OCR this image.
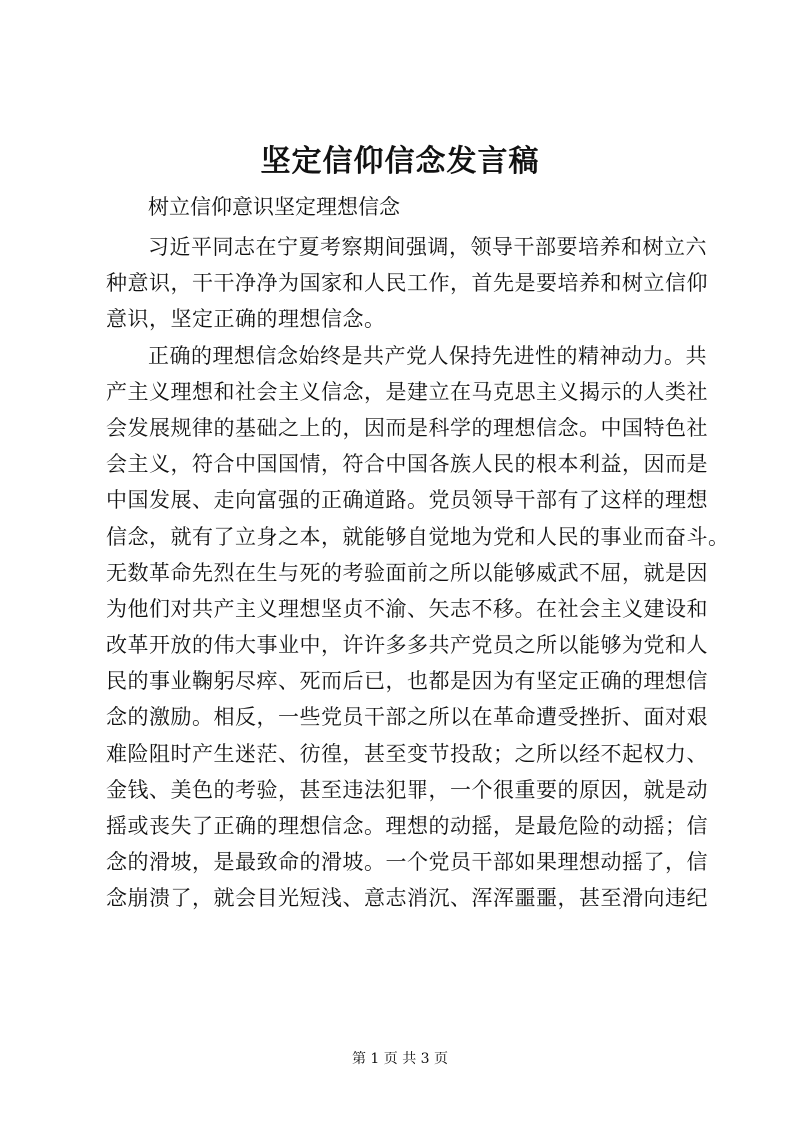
坚定信仰信念发言稿
树立信仰意识坚定理想信念
习近平同志在宁夏考察期间强调，领导干部要培养和树立六
种意识，干干净净为国家和人民工作，首先是要培养和树立信仰
意识，坚定正确的理想信念。
正确的理想信念始终是共产党人保持先进性的精神动力。共
产主义理想和社会主义信念，是建立在马克思主义揭示的人类社
会发展规律的基础之上的，因而是科学的理想信念。中国特色社
会主义，符合中国国情，符合中国各族人民的根本利益，因而是
中国发展、走向富强的正确道路。党员领导干部有了这样的理想
信念，就有了立身之本，就能够自觉地为党和人民的事业而奋斗。
无数革命先烈在生与死的考验面前之所以能够威武不屈，就是因
为他们对共产主义理想坚贞不渝、矢志不移。在社会主义建设和
改革开放的伟大事业中，许许多多共产党员之所以能够为党和人
民的事业鞠躬尽瘁、死而后已，也都是因为有坚定正确的理想信
念的激励。相反，一些党员干部之所以在革命遭受挫折、面对艰
难险阻时产生迷茫、彷徨，甚至变节投敌；之所以经不起权力、
金钱、美色的考验，甚至违法犯罪，一个很重要的原因，就是动
摇或丧失了正确的理想信念。理想的动摇，是最危险的动摇；信
念的滑坡，是最致命的滑坡。一个党员干部如果理想动摇了，信
念崩溃了，就会目光短浅、意志消沉、浑浑噩噩，甚至滑向违纪
第 1 页 共 3 页
